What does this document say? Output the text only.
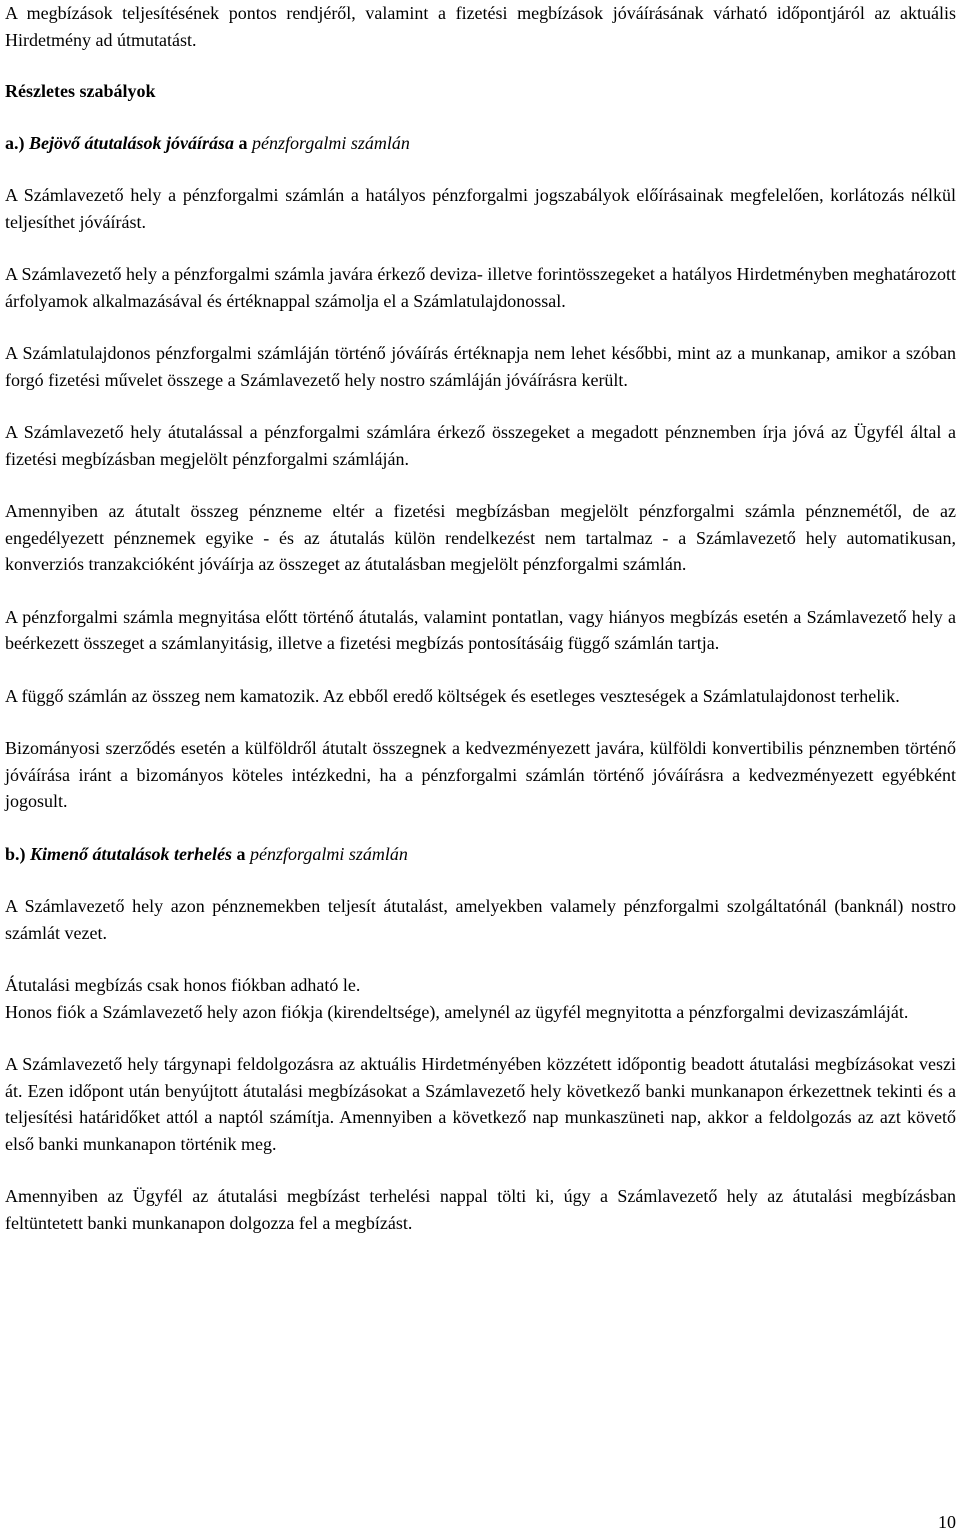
A megbízások teljesítésének pontos rendjéről, valamint a fizetési megbízások jóváírásának várható időpontjáról az aktuális Hirdetmény ad útmutatást.

Részletes szabályok

a.) Bejövő átutalások jóváírása a pénzforgalmi számlán

A Számlavezető hely a pénzforgalmi számlán a hatályos pénzforgalmi jogszabályok előírásainak megfelelően, korlátozás nélkül teljesíthet jóváírást.

A Számlavezető hely a pénzforgalmi számla javára érkező deviza- illetve forintösszegeket a hatályos Hirdetményben meghatározott árfolyamok alkalmazásával és értéknappal számolja el a Számlatulajdonossal.

A Számlatulajdonos pénzforgalmi számláján történő jóváírás értéknapja nem lehet későbbi, mint az a munkanap, amikor a szóban forgó fizetési művelet összege a Számlavezető hely nostro számláján jóváírásra került.

A Számlavezető hely átutalással a pénzforgalmi számlára érkező összegeket a megadott pénznemben írja jóvá az Ügyfél által a fizetési megbízásban megjelölt pénzforgalmi számláján.

Amennyiben az átutalt összeg pénzneme eltér a fizetési megbízásban megjelölt pénzforgalmi számla pénznemétől, de az engedélyezett pénznemek egyike - és az átutalás külön rendelkezést nem tartalmaz - a Számlavezető hely automatikusan, konverziós tranzakcióként jóváírja az összeget az átutalásban megjelölt pénzforgalmi számlán.

A pénzforgalmi számla megnyitása előtt történő átutalás, valamint pontatlan, vagy hiányos megbízás esetén a Számlavezető hely a beérkezett összeget a számlanyitásig, illetve a fizetési megbízás pontosításáig függő számlán tartja.

A függő számlán az összeg nem kamatozik. Az ebből eredő költségek és esetleges veszteségek a Számlatulajdonost terhelik.

Bizományosi szerződés esetén a külföldről átutalt összegnek a kedvezményezett javára, külföldi konvertibilis pénznemben történő jóváírása iránt a bizományos köteles intézkedni, ha a pénzforgalmi számlán történő jóváírásra a kedvezményezett egyébként jogosult.

b.) Kimenő átutalások terhelés a pénzforgalmi számlán

A Számlavezető hely azon pénznemekben teljesít átutalást, amelyekben valamely pénzforgalmi szolgáltatónál (banknál) nostro számlát vezet.

Átutalási megbízás csak honos fiókban adható le.

Honos fiók a Számlavezető hely azon fiókja (kirendeltsége), amelynél az ügyfél megnyitotta a pénzforgalmi devizaszámláját.

A Számlavezető hely tárgynapi feldolgozásra az aktuális Hirdetményében közzétett időpontig beadott átutalási megbízásokat veszi át. Ezen időpont után benyújtott átutalási megbízásokat a Számlavezető hely következő banki munkanapon érkezettnek tekinti és a teljesítési határidőket attól a naptól számítja. Amennyiben a következő nap munkaszüneti nap, akkor a feldolgozás az azt követő első banki munkanapon történik meg.

Amennyiben az Ügyfél az átutalási megbízást terhelési nappal tölti ki, úgy a Számlavezető hely az átutalási megbízásban feltüntetett banki munkanapon dolgozza fel a megbízást.

10
